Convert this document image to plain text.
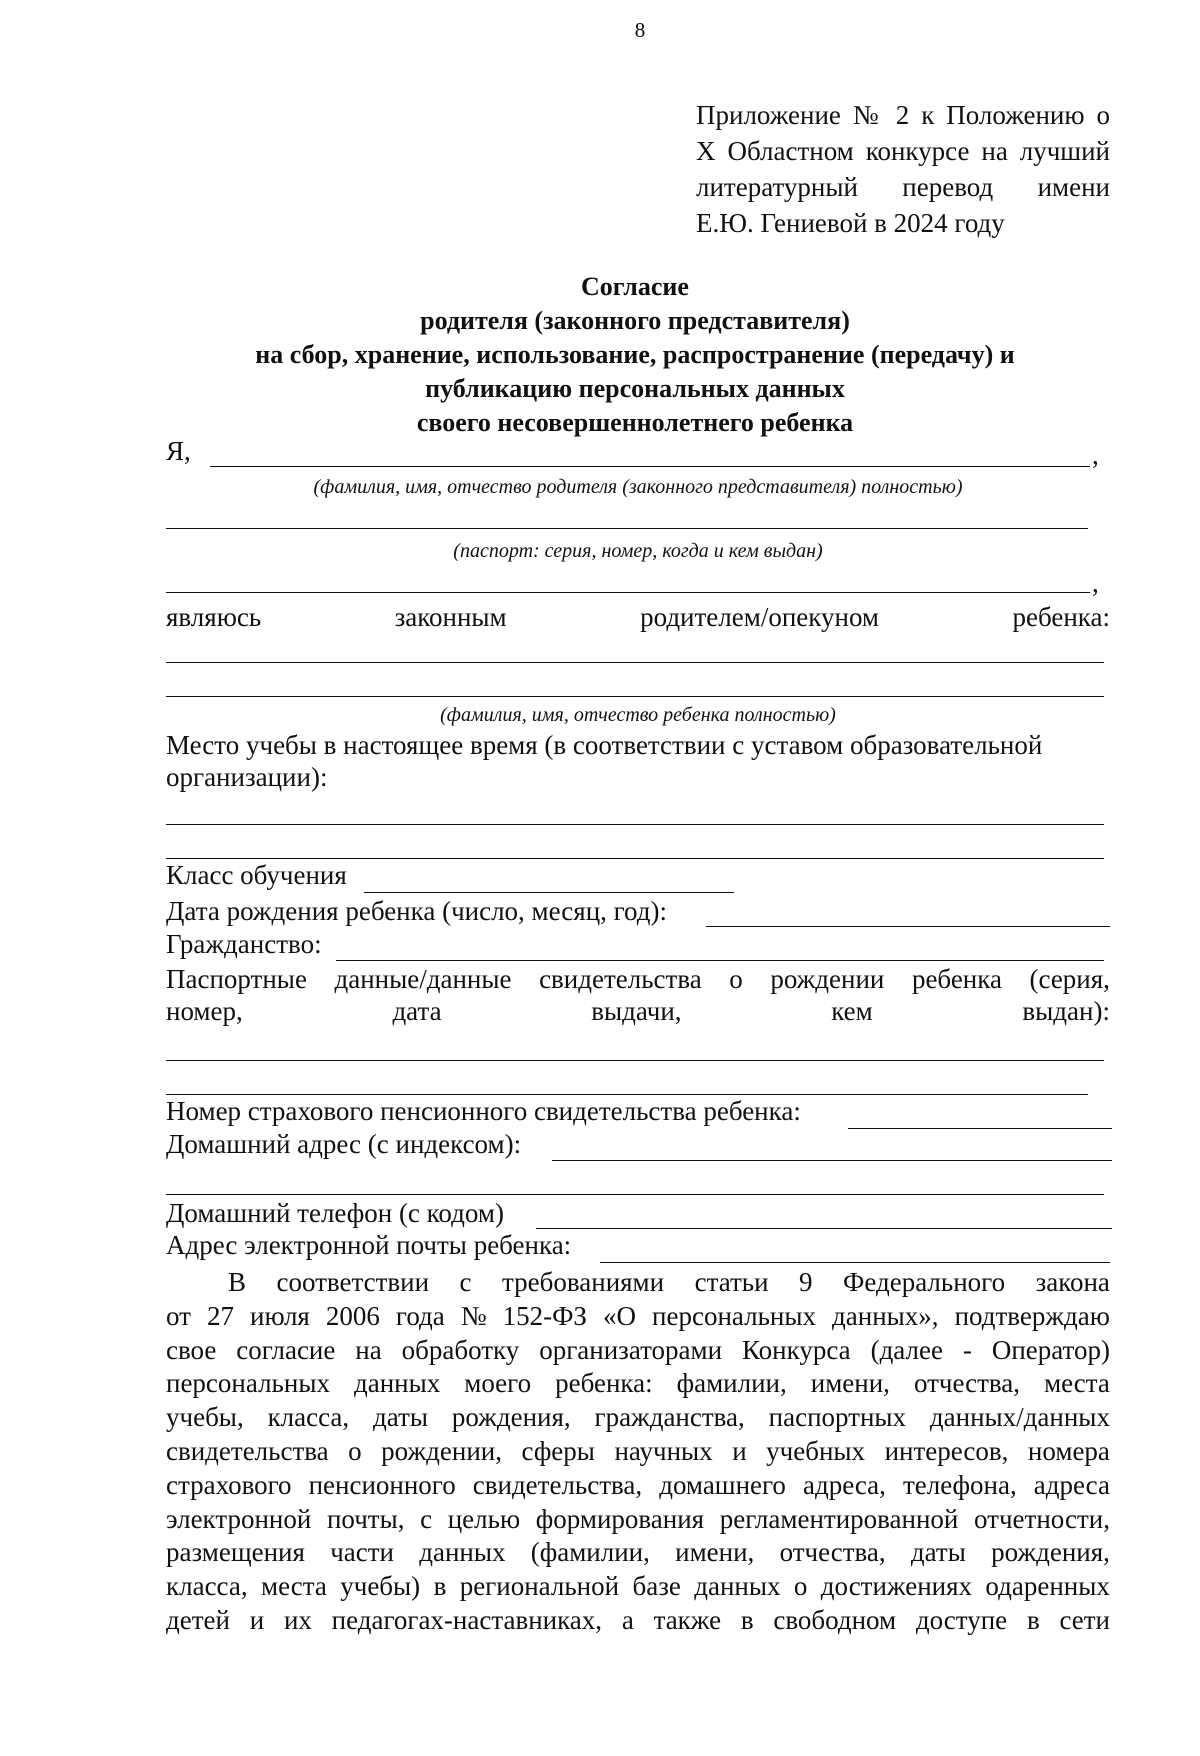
8
Приложение № 2 к Положению о
X Областном конкурсе на лучший
литературный перевод имени
Е.Ю. Гениевой в 2024 году
Согласие
родителя (законного представителя)
на сбор, хранение, использование, распространение (передачу) и
публикацию персональных данных
своего несовершеннолетнего ребенка
Я,	,
(фамилия, имя, отчество родителя (законного представителя) полностью)
(паспорт: серия, номер, когда и кем выдан)
,
являюсь	законным	родителем/опекуном	ребенка:
(фамилия, имя, отчество ребенка полностью)
Место учебы в настоящее время (в соответствии с уставом образовательной
организации):
Класс обучения
Дата рождения ребенка (число, месяц, год):
Гражданство:
Паспортные данные/данные свидетельства о рождении ребенка (серия,
номер,	дата	выдачи,	кем	выдан):
Номер страхового пенсионного свидетельства ребенка:
Домашний адрес (с индексом):
Домашний телефон (с кодом)
Адрес электронной почты ребенка:
В соответствии с требованиями статьи 9 Федерального закона
от 27 июля 2006 года № 152-ФЗ «О персональных данных», подтверждаю
свое согласие на обработку организаторами Конкурса (далее - Оператор)
персональных данных моего ребенка: фамилии, имени, отчества, места
учебы, класса, даты рождения, гражданства, паспортных данных/данных
свидетельства о рождении, сферы научных и учебных интересов, номера
страхового пенсионного свидетельства, домашнего адреса, телефона, адреса
электронной почты, с целью формирования регламентированной отчетности,
размещения части данных (фамилии, имени, отчества, даты рождения,
класса, места учебы) в региональной базе данных о достижениях одаренных
детей и их педагогах-наставниках, а также в свободном доступе в сети
